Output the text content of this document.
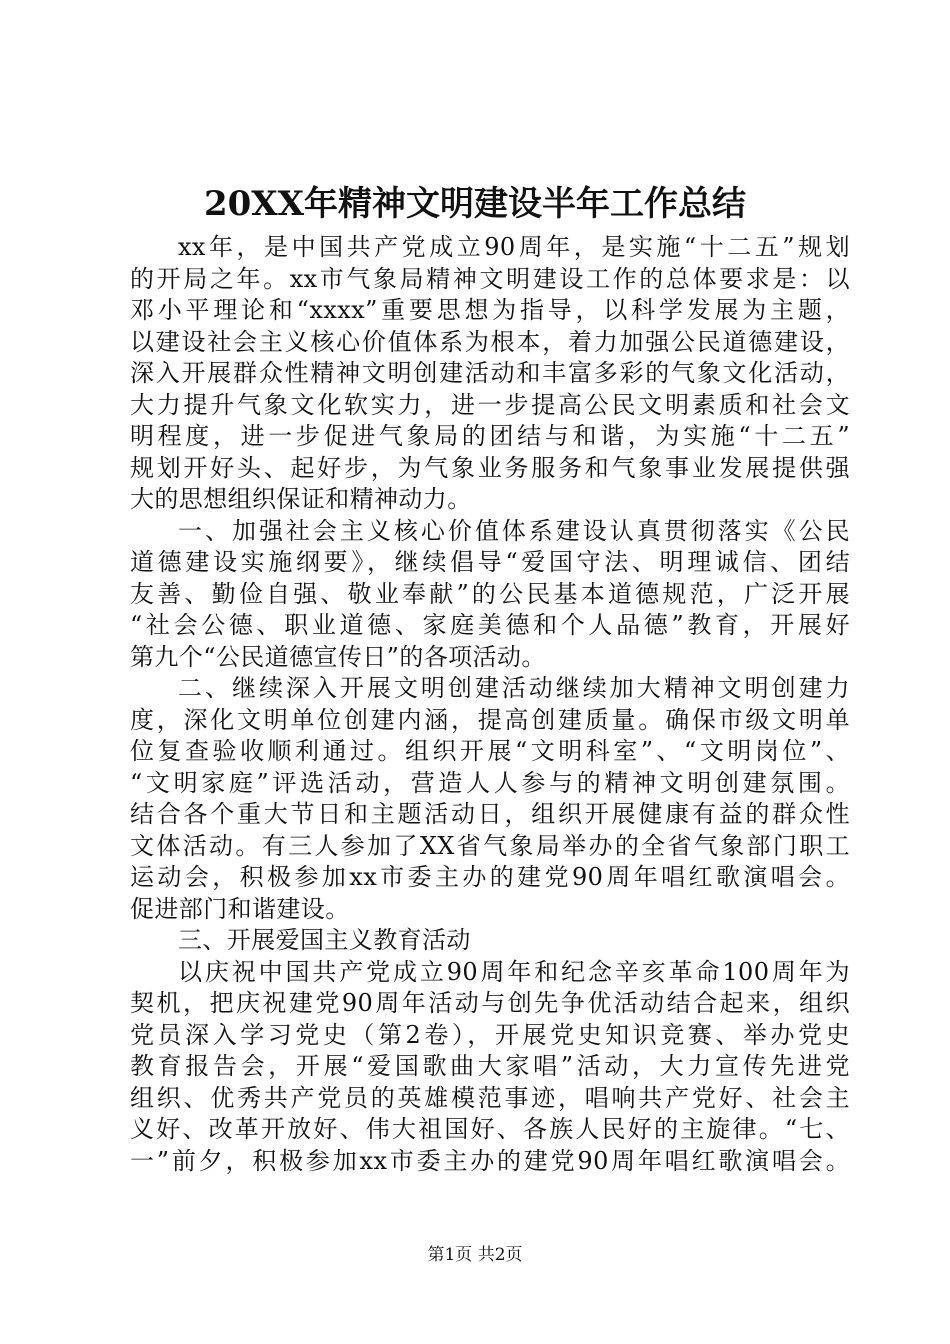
20XX年精神文明建设半年工作总结
xx年，是中国共产党成立90周年，是实施“十二五”规划
的开局之年。xx市气象局精神文明建设工作的总体要求是：以
邓小平理论和“xxxx”重要思想为指导，以科学发展为主题，
以建设社会主义核心价值体系为根本，着力加强公民道德建设，
深入开展群众性精神文明创建活动和丰富多彩的气象文化活动，
大力提升气象文化软实力，进一步提高公民文明素质和社会文
明程度，进一步促进气象局的团结与和谐，为实施“十二五”
规划开好头、起好步，为气象业务服务和气象事业发展提供强
大的思想组织保证和精神动力。
一、加强社会主义核心价值体系建设认真贯彻落实《公民
道德建设实施纲要》，继续倡导“爱国守法、明理诚信、团结
友善、勤俭自强、敬业奉献”的公民基本道德规范，广泛开展
“社会公德、职业道德、家庭美德和个人品德”教育，开展好
第九个“公民道德宣传日”的各项活动。
二、继续深入开展文明创建活动继续加大精神文明创建力
度，深化文明单位创建内涵，提高创建质量。确保市级文明单
位复查验收顺利通过。组织开展“文明科室”、“文明岗位”、
“文明家庭”评选活动，营造人人参与的精神文明创建氛围。
结合各个重大节日和主题活动日，组织开展健康有益的群众性
文体活动。有三人参加了XX省气象局举办的全省气象部门职工
运动会，积极参加xx市委主办的建党90周年唱红歌演唱会。
促进部门和谐建设。
三、开展爱国主义教育活动
以庆祝中国共产党成立90周年和纪念辛亥革命100周年为
契机，把庆祝建党90周年活动与创先争优活动结合起来，组织
党员深入学习党史（第2卷），开展党史知识竞赛、举办党史
教育报告会，开展“爱国歌曲大家唱”活动，大力宣传先进党
组织、优秀共产党员的英雄模范事迹，唱响共产党好、社会主
义好、改革开放好、伟大祖国好、各族人民好的主旋律。“七、
一”前夕，积极参加xx市委主办的建党90周年唱红歌演唱会。
第1页 共2页
